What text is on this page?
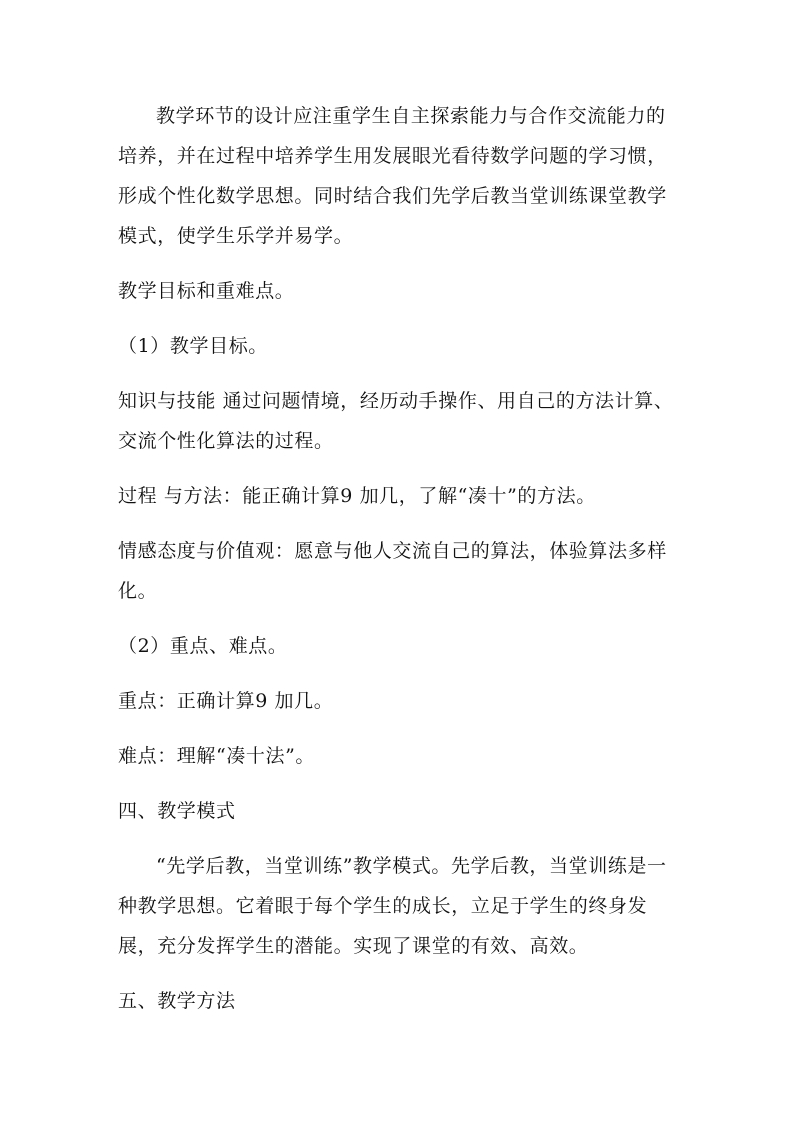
教学环节的设计应注重学生自主探索能力与合作交流能力的培养，并在过程中培养学生用发展眼光看待数学问题的学习惯，形成个性化数学思想。同时结合我们先学后教当堂训练课堂教学模式，使学生乐学并易学。

教学目标和重难点。

（1）教学目标。

知识与技能 通过问题情境，经历动手操作、用自己的方法计算、交流个性化算法的过程。

过程 与方法：能正确计算9 加几，了解“凑十”的方法。

情感态度与价值观：愿意与他人交流自己的算法，体验算法多样化。

（2）重点、难点。

重点：正确计算9 加几。

难点：理解“凑十法”。

四、教学模式

“先学后教，当堂训练”教学模式。先学后教，当堂训练是一种教学思想。它着眼于每个学生的成长，立足于学生的终身发展，充分发挥学生的潜能。实现了课堂的有效、高效。

五、教学方法
